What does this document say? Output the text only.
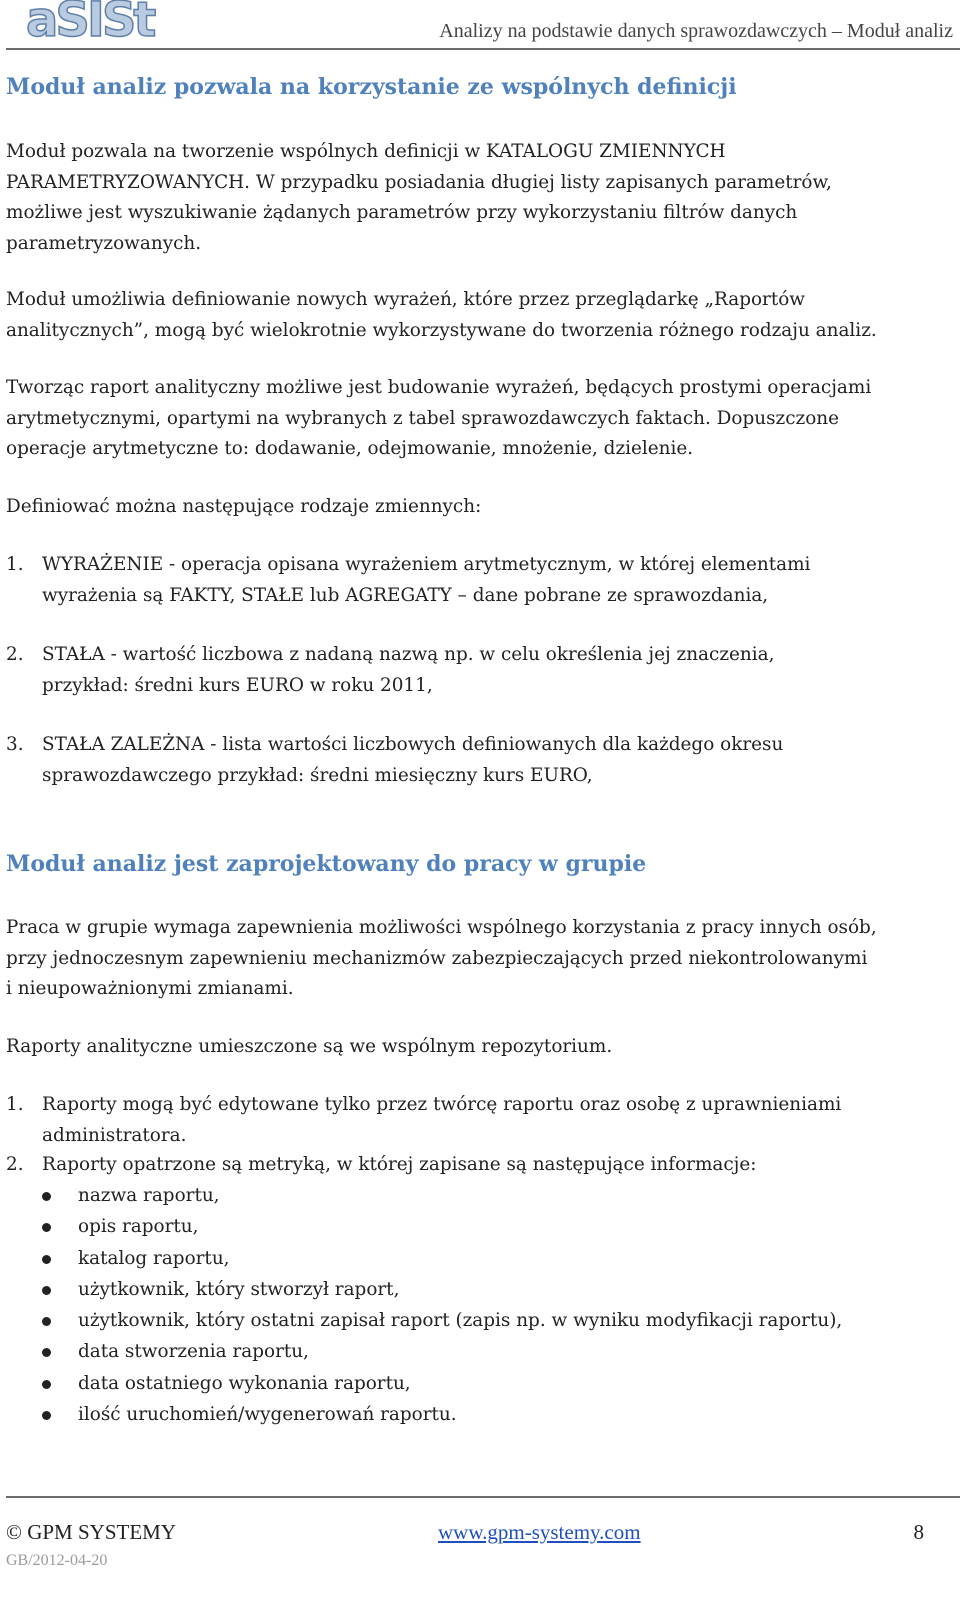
aSISt	Analizy na podstawie danych sprawozdawczych – Moduł analiz
Moduł analiz pozwala na korzystanie ze wspólnych definicji
Moduł pozwala na tworzenie wspólnych definicji w KATALOGU ZMIENNYCH
PARAMETRYZOWANYCH. W przypadku posiadania długiej listy zapisanych parametrów,
możliwe jest wyszukiwanie żądanych parametrów przy wykorzystaniu filtrów danych
parametryzowanych.
Moduł umożliwia definiowanie nowych wyrażeń, które przez przeglądarkę „Raportów
analitycznych”, mogą być wielokrotnie wykorzystywane do tworzenia różnego rodzaju analiz.
Tworząc raport analityczny możliwe jest budowanie wyrażeń, będących prostymi operacjami
arytmetycznymi, opartymi na wybranych z tabel sprawozdawczych faktach. Dopuszczone
operacje arytmetyczne to: dodawanie, odejmowanie, mnożenie, dzielenie.
Definiować można następujące rodzaje zmiennych:
1. WYRAŻENIE - operacja opisana wyrażeniem arytmetycznym, w której elementami
wyrażenia są FAKTY, STAŁE lub AGREGATY – dane pobrane ze sprawozdania,
2. STAŁA - wartość liczbowa z nadaną nazwą np. w celu określenia jej znaczenia,
przykład: średni kurs EURO w roku 2011,
3. STAŁA ZALEŻNA - lista wartości liczbowych definiowanych dla każdego okresu
sprawozdawczego przykład: średni miesięczny kurs EURO,
Moduł analiz jest zaprojektowany do pracy w grupie
Praca w grupie wymaga zapewnienia możliwości wspólnego korzystania z pracy innych osób,
przy jednoczesnym zapewnieniu mechanizmów zabezpieczających przed niekontrolowanymi
i nieupoważnionymi zmianami.
Raporty analityczne umieszczone są we wspólnym repozytorium.
1. Raporty mogą być edytowane tylko przez twórcę raportu oraz osobę z uprawnieniami
administratora.
2. Raporty opatrzone są metryką, w której zapisane są następujące informacje:
nazwa raportu,
opis raportu,
katalog raportu,
użytkownik, który stworzył raport,
użytkownik, który ostatni zapisał raport (zapis np. w wyniku modyfikacji raportu),
data stworzenia raportu,
data ostatniego wykonania raportu,
ilość uruchomień/wygenerowań raportu.
© GPM SYSTEMY	www.gpm-systemy.com	8
GB/2012-04-20
